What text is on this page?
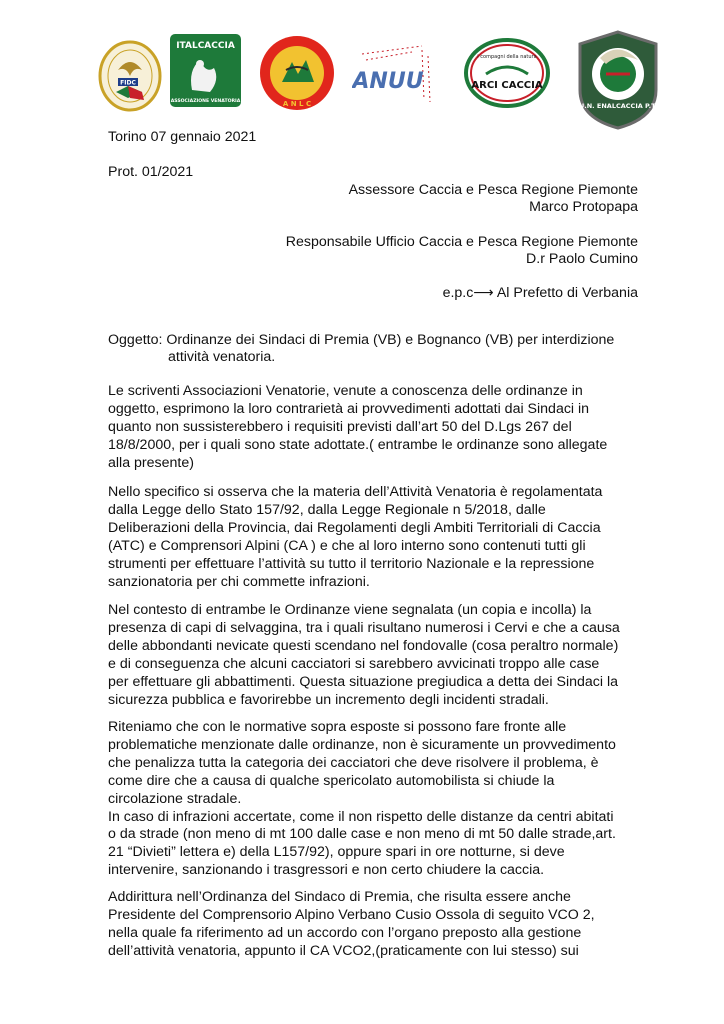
FIDC
ITALCACCIA
ASSOCIAZIONE VENATORIA	A N L C
ANUU
i compagni della natura
ARCI CACCIA
U.N. ENALCACCIA P.T.
Torino 07 gennaio 2021
Prot. 01/2021
Assessore Caccia e Pesca Regione Piemonte
Marco Protopapa
Responsabile Ufficio Caccia e Pesca Regione Piemonte
D.r Paolo Cumino
e.p.c⟶ Al Prefetto di Verbania
Oggetto: Ordinanze dei Sindaci di Premia (VB) e Bognanco (VB) per interdizione
attività venatoria.

Le scriventi Associazioni Venatorie, venute a conoscenza delle ordinanze in
oggetto, esprimono la loro contrarietà ai provvedimenti adottati dai Sindaci in
quanto non sussisterebbero i requisiti previsti dall’art 50 del D.Lgs 267 del
18/8/2000, per i quali sono state adottate.( entrambe le ordinanze sono allegate
alla presente)

Nello specifico si osserva che la materia dell’Attività Venatoria è regolamentata
dalla Legge dello Stato 157/92, dalla Legge Regionale n 5/2018, dalle
Deliberazioni della Provincia, dai Regolamenti degli Ambiti Territoriali di Caccia
(ATC) e Comprensori Alpini (CA ) e che al loro interno sono contenuti tutti gli
strumenti per effettuare l’attività su tutto il territorio Nazionale e la repressione
sanzionatoria per chi commette infrazioni.

Nel contesto di entrambe le Ordinanze viene segnalata (un copia e incolla) la
presenza di capi di selvaggina, tra i quali risultano numerosi i Cervi e che a causa
delle abbondanti nevicate questi scendano nel fondovalle (cosa peraltro normale)
e di conseguenza che alcuni cacciatori si sarebbero avvicinati troppo alle case
per effettuare gli abbattimenti. Questa situazione pregiudica a detta dei Sindaci la
sicurezza pubblica e favorirebbe un incremento degli incidenti stradali.

Riteniamo che con le normative sopra esposte si possono fare fronte alle
problematiche menzionate dalle ordinanze, non è sicuramente un provvedimento
che penalizza tutta la categoria dei cacciatori che deve risolvere il problema, è
come dire che a causa di qualche spericolato automobilista si chiude la
circolazione stradale.
In caso di infrazioni accertate, come il non rispetto delle distanze da centri abitati
o da strade (non meno di mt 100 dalle case e non meno di mt 50 dalle strade,art.
21 “Divieti” lettera e) della L157/92), oppure spari in ore notturne, si deve
intervenire, sanzionando i trasgressori e non certo chiudere la caccia.

Addirittura nell’Ordinanza del Sindaco di Premia, che risulta essere anche
Presidente del Comprensorio Alpino Verbano Cusio Ossola di seguito VCO 2,
nella quale fa riferimento ad un accordo con l’organo preposto alla gestione
dell’attività venatoria, appunto il CA VCO2,(praticamente con lui stesso) sui
